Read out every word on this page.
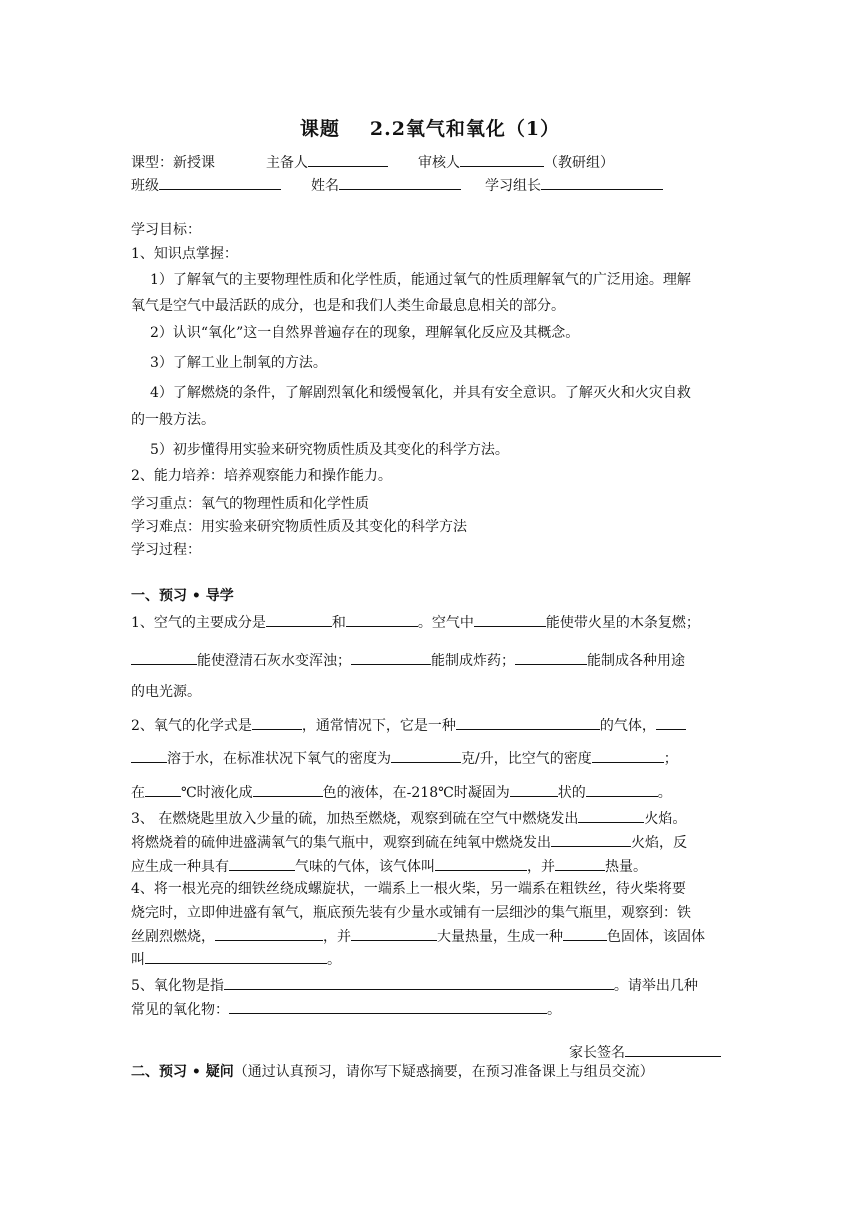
课题 2.2氧气和氧化（1）
课型：新授课	主备人	审核人	（教研组）
班级	姓名	学习组长
学习目标：
1、知识点掌握：
1）了解氧气的主要物理性质和化学性质，能通过氧气的性质理解氧气的广泛用途。理解
氧气是空气中最活跃的成分，也是和我们人类生命最息息相关的部分。
2）认识“氧化”这一自然界普遍存在的现象，理解氧化反应及其概念。
3）了解工业上制氧的方法。
4）了解燃烧的条件，了解剧烈氧化和缓慢氧化，并具有安全意识。了解灭火和火灾自救
的一般方法。
5）初步懂得用实验来研究物质性质及其变化的科学方法。
2、能力培养：培养观察能力和操作能力。
学习重点：氧气的物理性质和化学性质
学习难点：用实验来研究物质性质及其变化的科学方法
学习过程：
一、预习 • 导学
1、空气的主要成分是	和	。空气中	能使带火星的木条复燃；
能使澄清石灰水变浑浊；	能制成炸药；	能制成各种用途
的电光源。
2、氧气的化学式是	，通常情况下，它是一种	的气体，
溶于水，在标准状况下氧气的密度为	克/升，比空气的密度	；
在	℃时液化成	色的液体，在-218℃时凝固为	状的	。
3、 在燃烧匙里放入少量的硫，加热至燃烧，观察到硫在空气中燃烧发出	火焰。
将燃烧着的硫伸进盛满氧气的集气瓶中，观察到硫在纯氧中燃烧发出	火焰，反
应生成一种具有	气味的气体，该气体叫	，并	热量。
4、将一根光亮的细铁丝绕成螺旋状，一端系上一根火柴，另一端系在粗铁丝，待火柴将要
烧完时，立即伸进盛有氧气，瓶底预先装有少量水或铺有一层细沙的集气瓶里，观察到：铁
丝剧烈燃烧，	，并	大量热量，生成一种	色固体，该固体
叫	。
5、氧化物是指	。请举出几种
常见的氧化物：	。
家长签名
二、预习 • 疑问（通过认真预习，请你写下疑惑摘要，在预习准备课上与组员交流）
